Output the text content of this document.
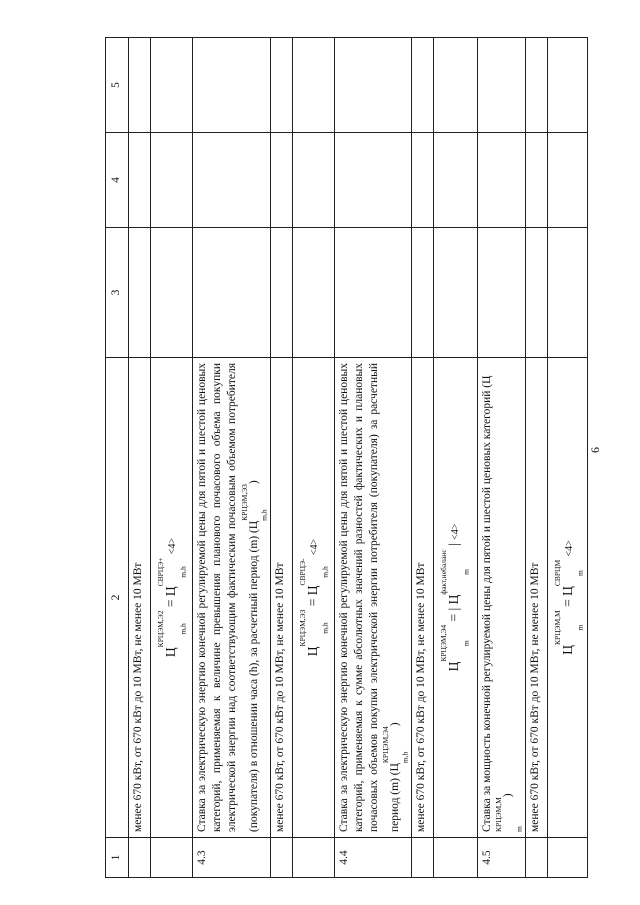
1	2	3	4	5
	менее 670 кВт, от 670 кВт до 10 МВт, не менее 10 МВт			
	$Ц^{КРЦЭМ,Э2}$ $_{m,h} = Ц^{СВРЦЭ+}$ $_{m,h}$ <4>			
4.3	Ставка за электрическую энергию конечной регулируемой цены для пятой и шестой ценовых категорий, применяемая к величине превышения планового почасового объема покупки электрической энергии над соответствующим фактическим почасовым объемом потребителя (покупателя) в отношении часа (h), за расчетный период (m) ($Ц^{КРЦЭМ,Э3}$ $_{m,h}$)			
	менее 670 кВт, от 670 кВт до 10 МВт, не менее 10 МВт			
	$Ц^{КРЦЭМ,Э3}$ $_{m,h} = Ц^{СВРЦЭ-}$ $_{m,h}$ <4>			
4.4	Ставка за электрическую энергию конечной регулируемой цены для пятой и шестой ценовых категорий, применяемая к сумме абсолютных значений разностей фактических и плановых почасовых объемов покупки электрической энергии потребителя (покупателя) за расчетный период (m) ($Ц^{КРЦЭМ,Э4}$ $_{m,h}$)			
	менее 670 кВт, от 670 кВт до 10 МВт, не менее 10 МВт			
	$Ц^{КРЦЭМ,Э4}$ $_m$ = | $Ц^{факт,небаланс}$ $_m$ | <4>			
4.5	Ставка за мощность конечной регулируемой цены для пятой и шестой ценовых категорий ($Ц^{КРЦЭМ,М}$ $_m$)			
	менее 670 кВт, от 670 кВт до 10 МВт, не менее 10 МВт			
	$Ц^{КРЦЭМ,М}$ $_m = Ц^{СВРЦМ}$ $_m$ <4>			
6
